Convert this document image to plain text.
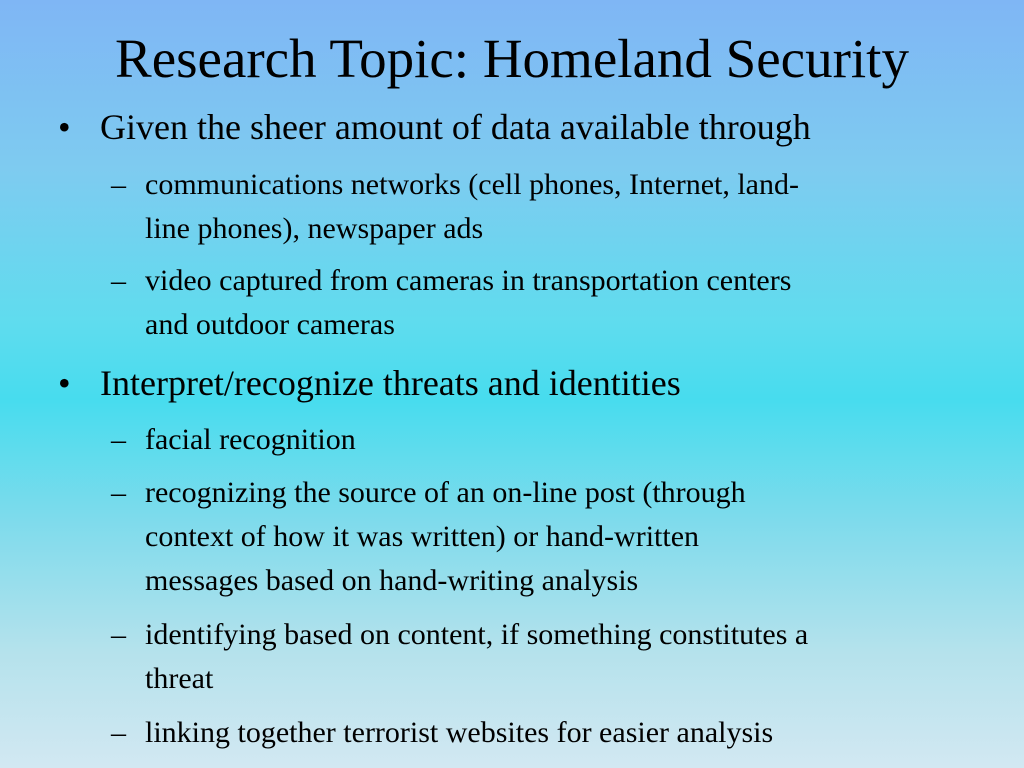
Research Topic: Homeland Security
• Given the sheer amount of data available through
– communications networks (cell phones, Internet, land-
line phones), newspaper ads
– video captured from cameras in transportation centers
and outdoor cameras
• Interpret/recognize threats and identities
– facial recognition
– recognizing the source of an on-line post (through
context of how it was written) or hand-written
messages based on hand-writing analysis
– identifying based on content, if something constitutes a
threat
– linking together terrorist websites for easier analysis
